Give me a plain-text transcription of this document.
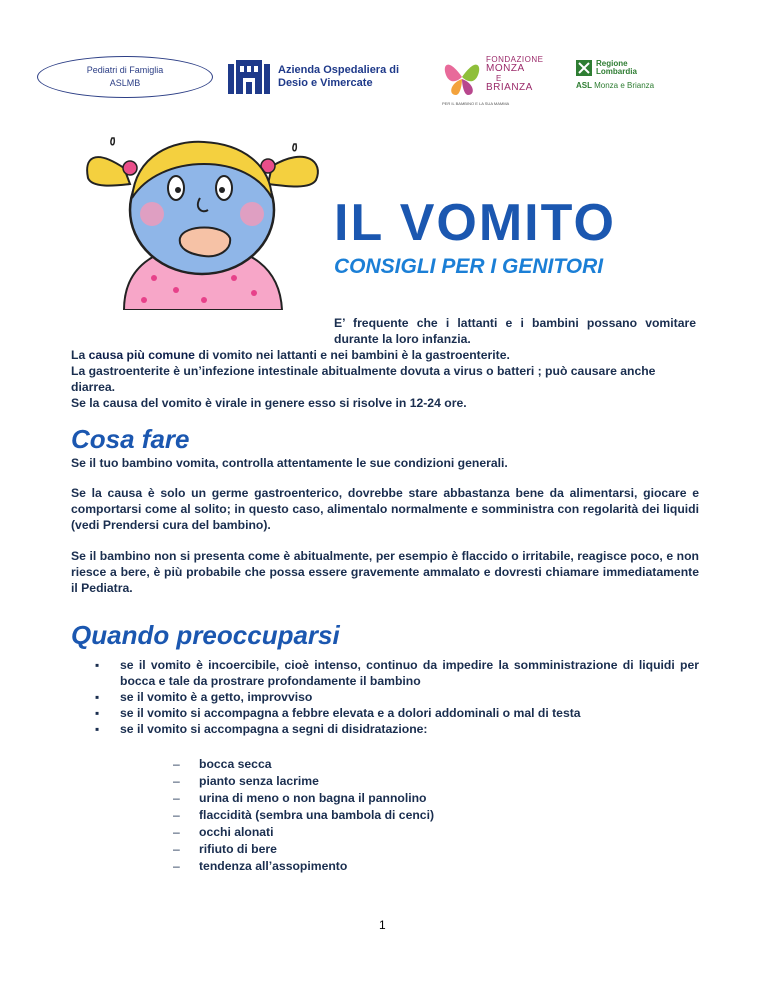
Pediatri di Famiglia
ASLMB
Azienda Ospedaliera di
Desio e Vimercate
FONDAZIONE
MONZA
E
BRIANZA
PER IL BAMBINO E LA SUA MAMMA
Regione
Lombardia
ASL Monza e Brianza
IL VOMITO
CONSIGLI PER I GENITORI
E’ frequente che i lattanti e i bambini possano vomitare durante la loro infanzia.
La causa più comune di vomito nei lattanti e nei bambini è la gastroenterite.
La gastroenterite è un’infezione intestinale abitualmente dovuta a virus o batteri ; può causare anche diarrea.
Se la causa del vomito è virale in genere esso si risolve in 12-24 ore.
Cosa fare
Se il tuo bambino vomita, controlla attentamente le sue condizioni generali.
Se la causa è solo un germe gastroenterico, dovrebbe stare abbastanza bene da alimentarsi, giocare e comportarsi come al solito; in questo caso, alimentalo normalmente e somministra con regolarità dei liquidi (vedi Prendersi cura del bambino).
Se il bambino non si presenta come è abitualmente, per esempio è flaccido o irritabile, reagisce poco, e non riesce a bere, è più probabile che possa essere gravemente ammalato e dovresti chiamare immediatamente il Pediatra.
Quando preoccuparsi
▪ se il vomito è incoercibile, cioè intenso, continuo da impedire la somministrazione di liquidi per bocca e tale da prostrare profondamente il bambino
▪ se il vomito è a getto, improvviso
▪ se il vomito si accompagna a febbre elevata e a dolori addominali o mal di testa
▪ se il vomito si accompagna a segni di disidratazione:
– bocca secca
– pianto senza lacrime
– urina di meno o non bagna il pannolino
– flaccidità (sembra una bambola di cenci)
– occhi alonati
– rifiuto di bere
– tendenza all’assopimento
1
